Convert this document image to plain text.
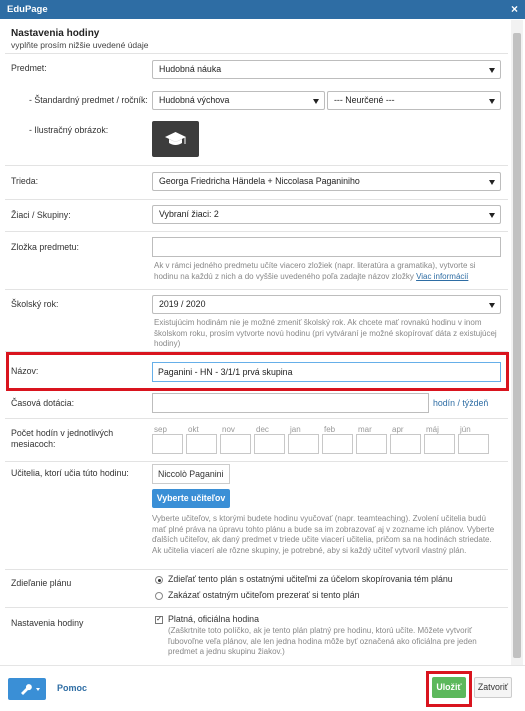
EduPage	×
Nastavenia hodiny
vyplňte prosím nižšie uvedené údaje
Predmet:	Hudobná náuka
- Štandardný predmet / ročník:	Hudobná výchova	--- Neurčené ---
- Ilustračný obrázok:
Trieda:	Georga Friedricha Händela + Niccolasa Paganiniho
Žiaci / Skupiny:	Vybraní žiaci: 2
Zložka predmetu:
Ak v rámci jedného predmetu učíte viacero zložiek (napr. literatúra a gramatika), vytvorte si hodinu na každú z nich a do vyššie uvedeného poľa zadajte názov zložky Viac informácií
Školský rok:	2019 / 2020
Existujúcim hodinám nie je možné zmeniť školský rok. Ak chcete mať rovnakú hodinu v inom školskom roku, prosím vytvorte novú hodinu (pri vytváraní je možné skopírovať dáta z existujúcej hodiny)
Názov:	Paganini - HN - 3/1/1 prvá skupina
Časová dotácia:	hodín / týždeň
Počet hodín v jednotlivých mesiacoch:
sep	okt	nov	dec	jan	feb	mar	apr	máj	jún
Učitelia, ktorí učia túto hodinu:	Niccolò Paganini
Vyberte učiteľov
Vyberte učiteľov, s ktorými budete hodinu vyučovať (napr. teamteaching). Zvolení učitelia budú mať plné práva na úpravu tohto plánu a bude sa im zobrazovať aj v zozname ich plánov. Vyberte ďalších učiteľov, ak daný predmet v triede učite viacerí učitelia, pričom sa na hodinách striedate. Ak učitelia viacerí ale rôzne skupiny, je potrebné, aby si každý učiteľ vytvoril vlastný plán.
Zdieľanie plánu	Zdieľať tento plán s ostatnými učiteľmi za účelom skopírovania tém plánu
Zakázať ostatným učiteľom prezerať si tento plán
Nastavenia hodiny	✓ Platná, oficiálna hodina
(Zaškrtnite toto políčko, ak je tento plán platný pre hodinu, ktorú učíte. Môžete vytvoriť ľubovoľne veľa plánov, ale len jedna hodina môže byť označená ako oficiálna pre jeden predmet a jednu skupinu žiakov.)
Pomoc	Uložiť	Zatvoriť
